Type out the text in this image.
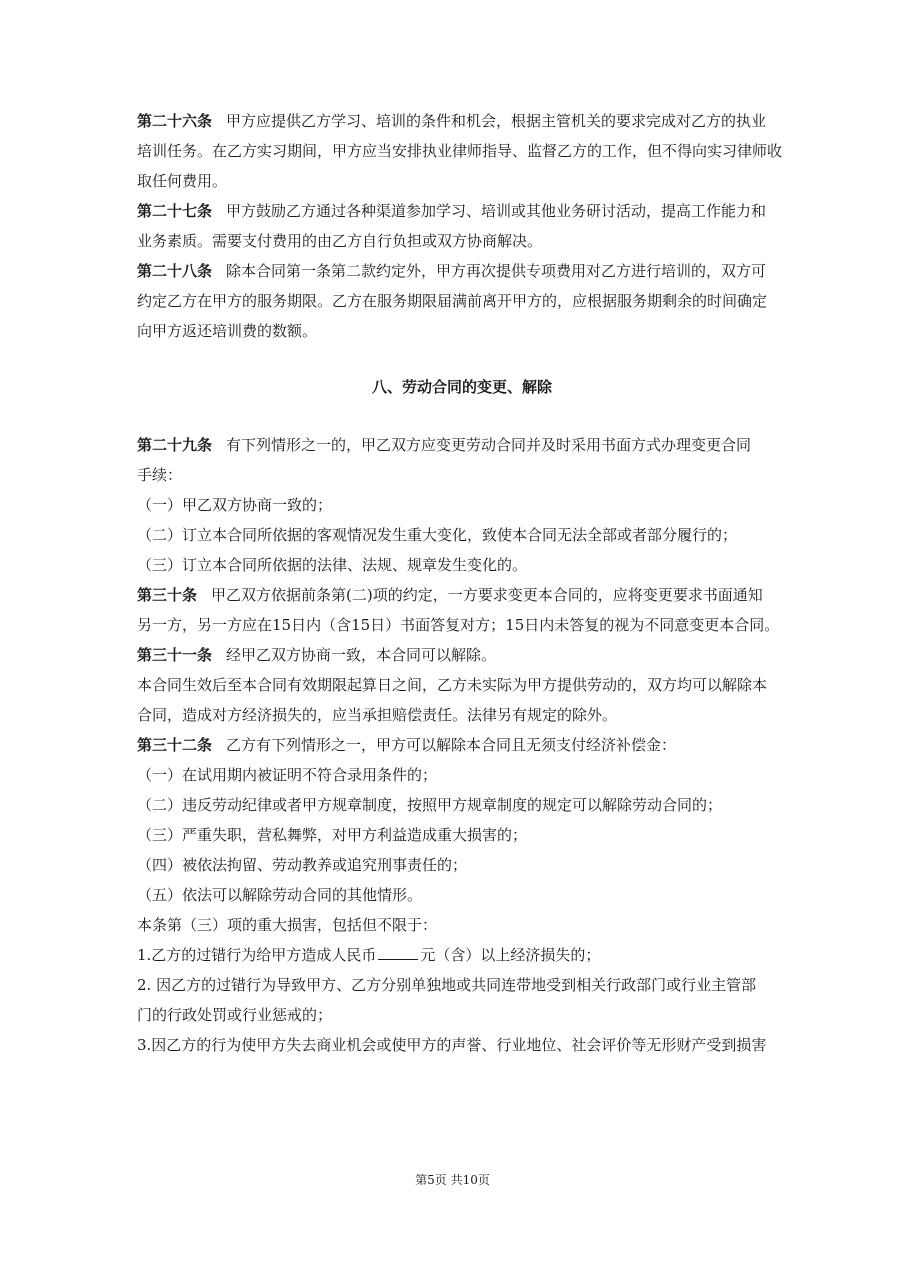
第二十六条 甲方应提供乙方学习、培训的条件和机会，根据主管机关的要求完成对乙方的执业
培训任务。在乙方实习期间，甲方应当安排执业律师指导、监督乙方的工作，但不得向实习律师收
取任何费用。
第二十七条 甲方鼓励乙方通过各种渠道参加学习、培训或其他业务研讨活动，提高工作能力和
业务素质。需要支付费用的由乙方自行负担或双方协商解决。
第二十八条 除本合同第一条第二款约定外，甲方再次提供专项费用对乙方进行培训的，双方可
约定乙方在甲方的服务期限。乙方在服务期限届满前离开甲方的，应根据服务期剩余的时间确定
向甲方返还培训费的数额。
八、劳动合同的变更、解除
第二十九条 有下列情形之一的，甲乙双方应变更劳动合同并及时采用书面方式办理变更合同
手续：
（一）甲乙双方协商一致的；
（二）订立本合同所依据的客观情况发生重大变化，致使本合同无法全部或者部分履行的；
（三）订立本合同所依据的法律、法规、规章发生变化的。
第三十条 甲乙双方依据前条第(二)项的约定，一方要求变更本合同的，应将变更要求书面通知
另一方，另一方应在15日内（含15日）书面答复对方；15日内未答复的视为不同意变更本合同。
第三十一条 经甲乙双方协商一致，本合同可以解除。
本合同生效后至本合同有效期限起算日之间，乙方未实际为甲方提供劳动的，双方均可以解除本
合同，造成对方经济损失的，应当承担赔偿责任。法律另有规定的除外。
第三十二条 乙方有下列情形之一，甲方可以解除本合同且无须支付经济补偿金：
（一）在试用期内被证明不符合录用条件的；
（二）违反劳动纪律或者甲方规章制度，按照甲方规章制度的规定可以解除劳动合同的；
（三）严重失职，营私舞弊，对甲方利益造成重大损害的；
（四）被依法拘留、劳动教养或追究刑事责任的；
（五）依法可以解除劳动合同的其他情形。
本条第（三）项的重大损害，包括但不限于：
1.乙方的过错行为给甲方造成人民币	元（含）以上经济损失的；
2. 因乙方的过错行为导致甲方、乙方分别单独地或共同连带地受到相关行政部门或行业主管部
门的行政处罚或行业惩戒的；
3.因乙方的行为使甲方失去商业机会或使甲方的声誉、行业地位、社会评价等无形财产受到损害
第5页 共10页
